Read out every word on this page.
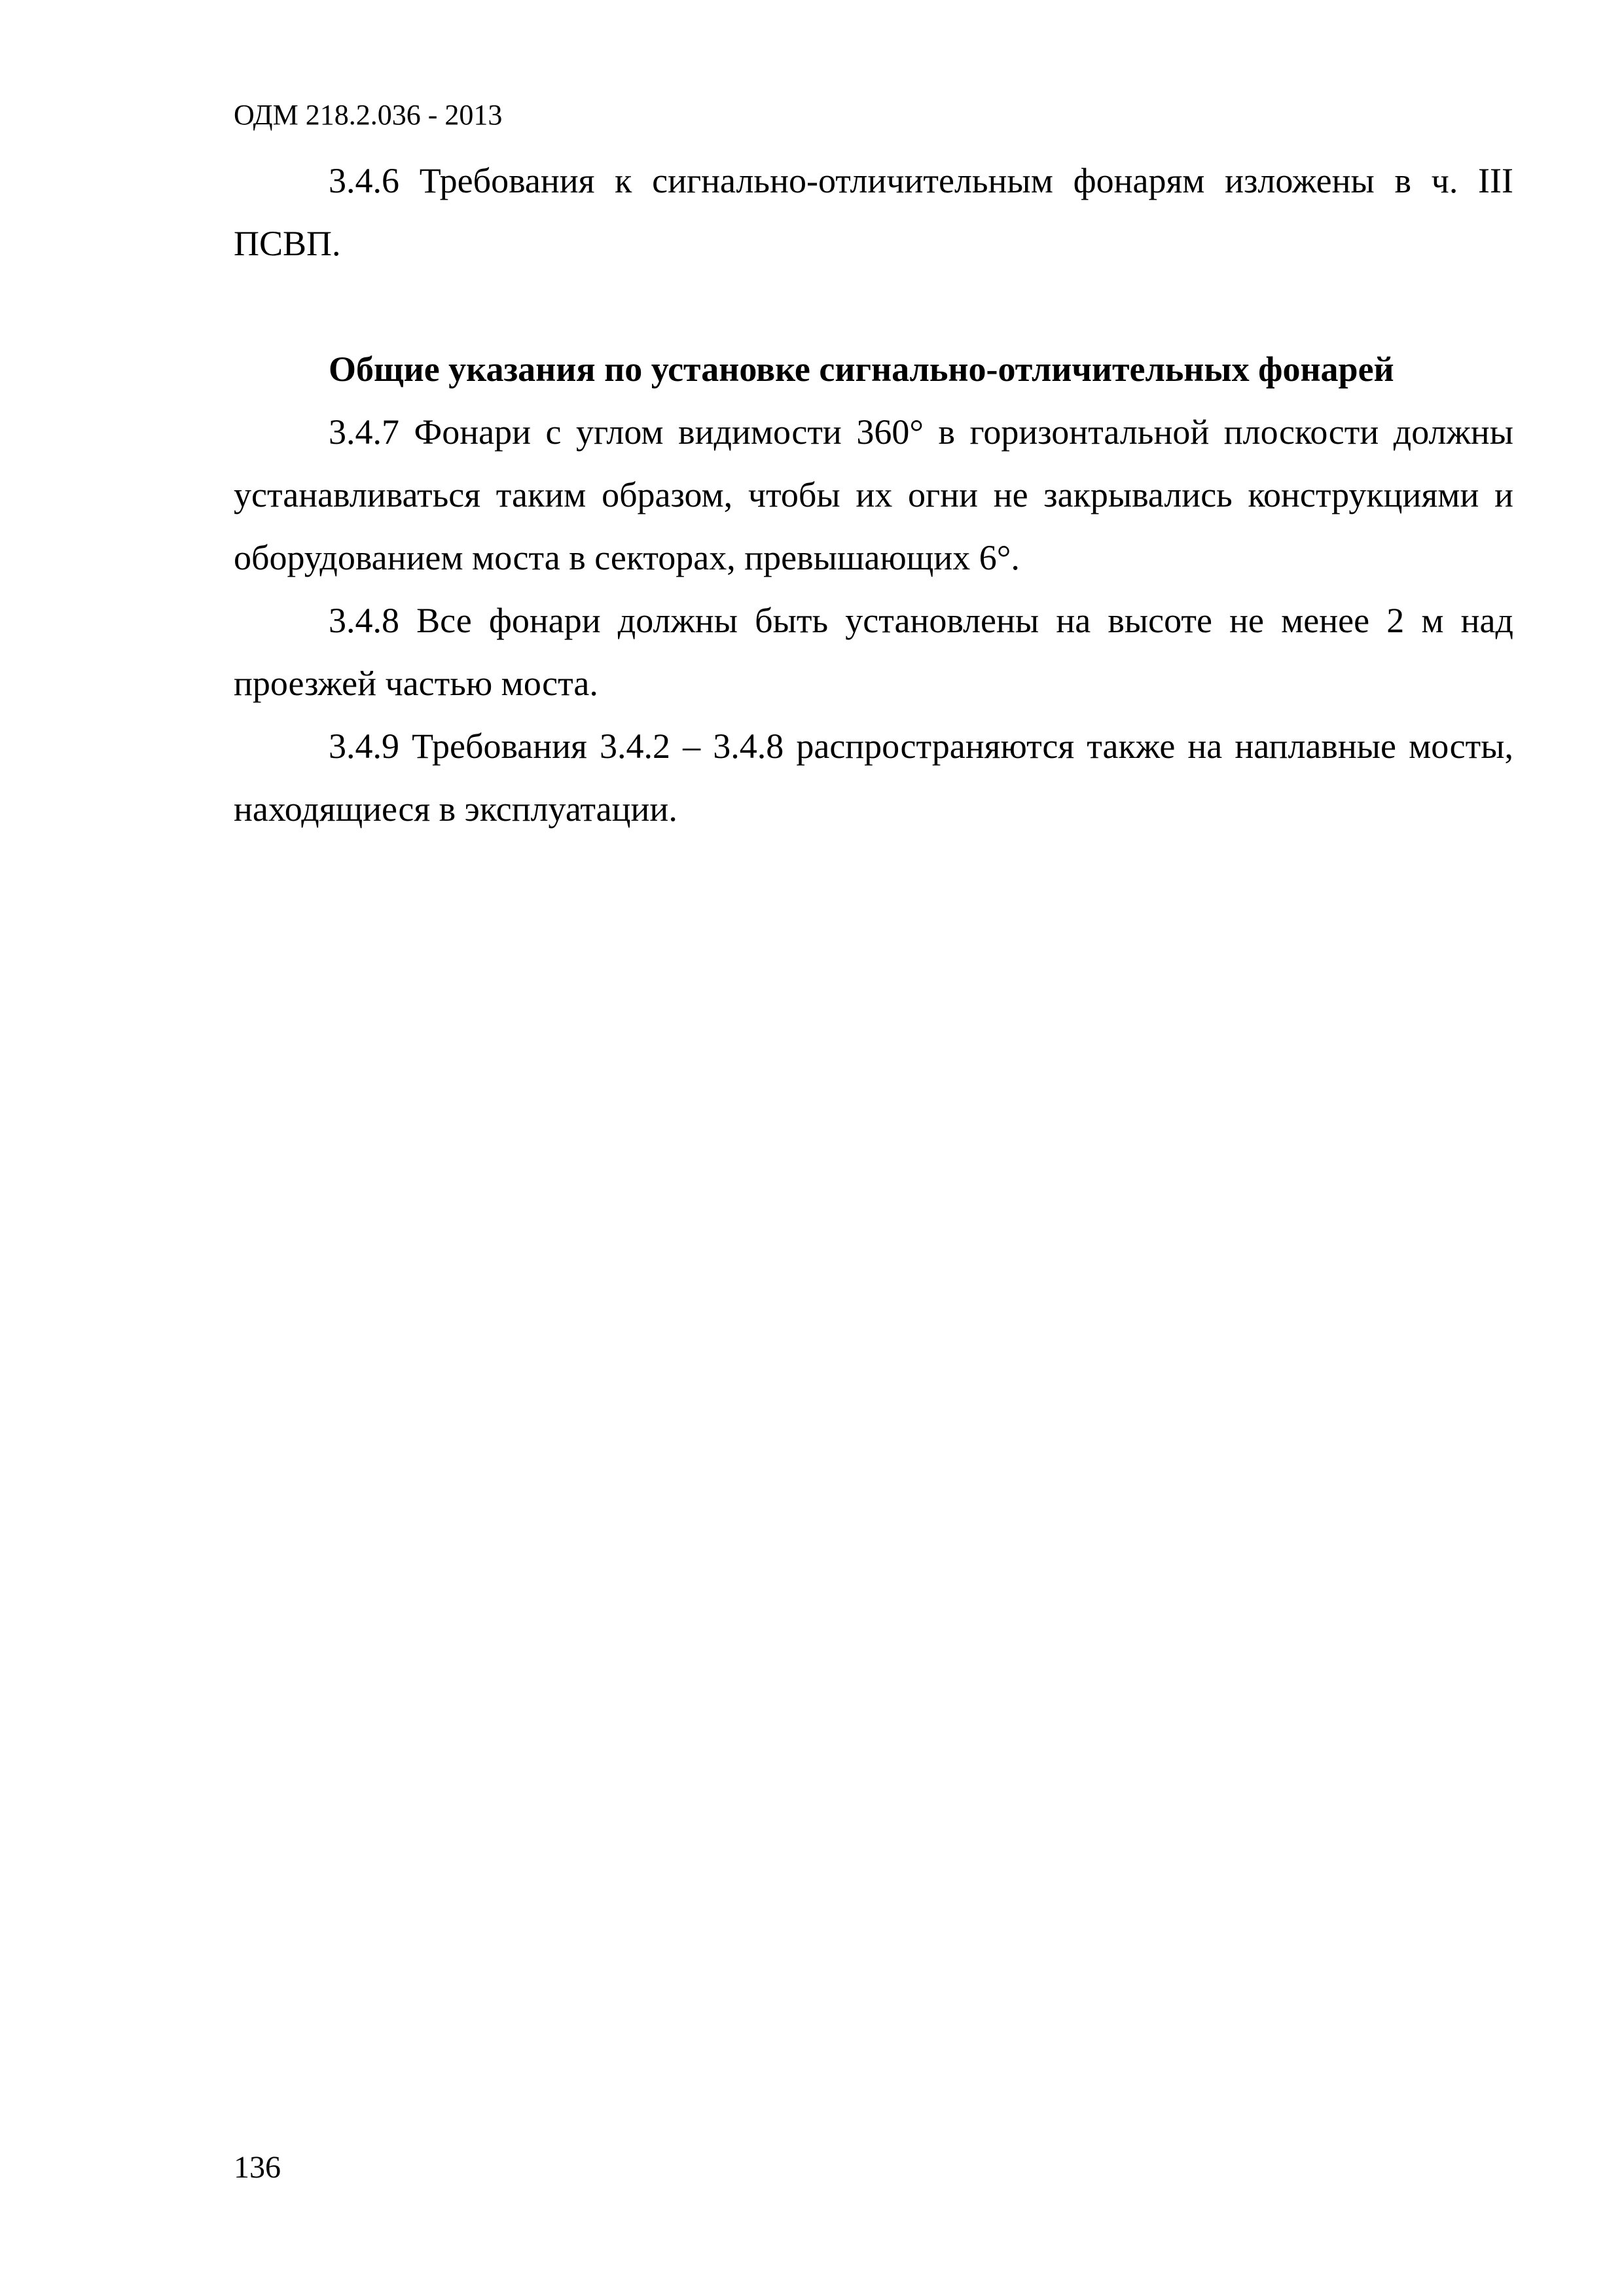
ОДМ 218.2.036 - 2013

3.4.6 Требования к сигнально-отличительным фонарям изложены в ч. III ПСВП.

Общие указания по установке сигнально-отличительных фонарей

3.4.7 Фонари с углом видимости 360° в горизонтальной плоскости должны устанавливаться таким образом, чтобы их огни не закрывались конструкциями и оборудованием моста в секторах, превышающих 6°.

3.4.8 Все фонари должны быть установлены на высоте не менее 2 м над проезжей частью моста.

3.4.9 Требования 3.4.2 – 3.4.8 распространяются также на наплавные мосты, находящиеся в эксплуатации.

136
